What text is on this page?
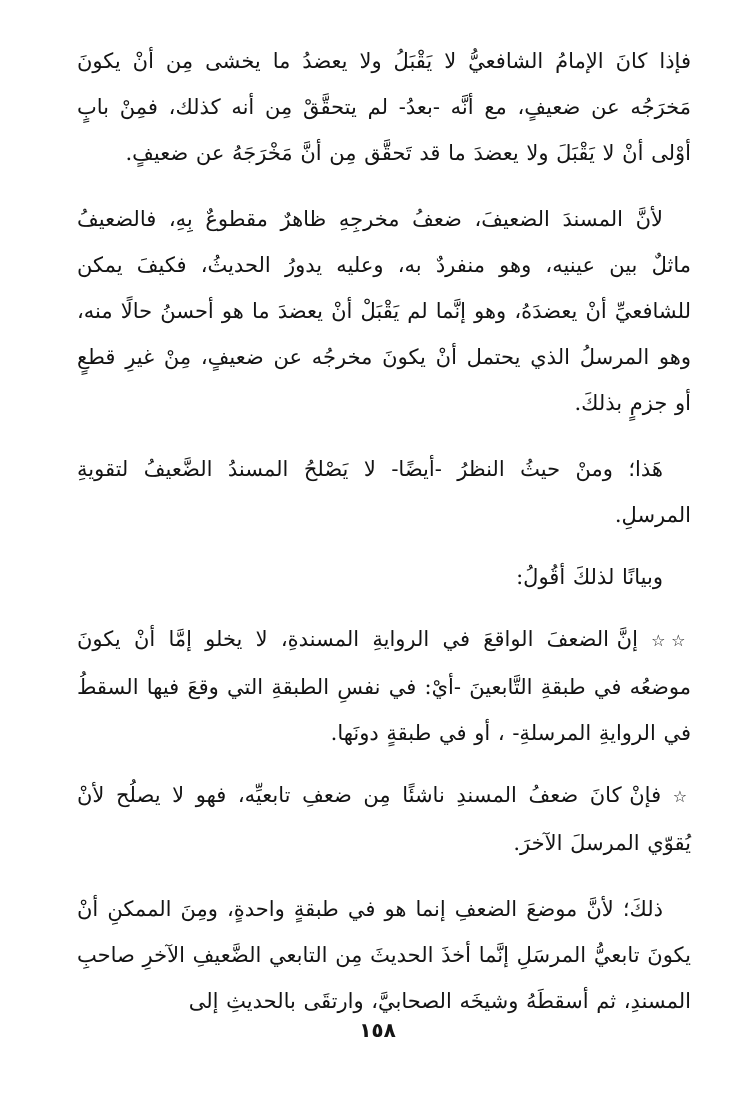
فإذا كانَ الإمامُ الشافعيُّ لا يَقْبَلُ ولا يعضدُ ما يخشى مِن أنْ يكونَ مَخرَجُه عن ضعيفٍ، مع أنَّه -بعدُ- لم يتحقَّقْ مِن أنه كذلك، فمِنْ بابٍ أوْلى أنْ لا يَقْبَلَ ولا يعضدَ ما قد تَحقَّق مِن أنَّ مَخْرَجَهُ عن ضعيفٍ.

لأنَّ المسندَ الضعيفَ، ضعفُ مخرجِهِ ظاهرٌ مقطوعٌ بِهِ، فالضعيفُ ماثلٌ بين عينيه، وهو منفردٌ به، وعليه يدورُ الحديثُ، فكيفَ يمكن للشافعيِّ أنْ يعضدَهُ، وهو إنَّما لم يَقْبَلْ أنْ يعضدَ ما هو أحسنُ حالًا منه، وهو المرسلُ الذي يحتمل أنْ يكونَ مخرجُه عن ضعيفٍ، مِنْ غيرِ قطعٍ أو جزمٍ بذلكَ.

هَذا؛ ومنْ حيثُ النظرُ -أيضًا- لا يَصْلحُ المسندُ الضَّعيفُ لتقويةِ المرسلِ.

وبيانًا لذلكَ أقُولُ:

☆☆ إنَّ الضعفَ الواقعَ في الروايةِ المسندةِ، لا يخلو إمَّا أنْ يكونَ موضعُه في طبقةِ التَّابعينَ -أيْ: في نفسِ الطبقةِ التي وقعَ فيها السقطُ في الروايةِ المرسلةِ- ، أو في طبقةٍ دونَها.

☆ فإنْ كانَ ضعفُ المسندِ ناشئًا مِن ضعفِ تابعيِّه، فهو لا يصلُح لأنْ يُقوّي المرسلَ الآخرَ.

ذلكَ؛ لأنَّ موضعَ الضعفِ إنما هو في طبقةٍ واحدةٍ، ومِنَ الممكنِ أنْ يكونَ تابعيُّ المرسَلِ إنَّما أخذَ الحديثَ مِن التابعي الضَّعيفِ الآخرِ صاحبِ المسندِ، ثم أسقطَهُ وشيخَه الصحابيَّ، وارتقَى بالحديثِ إلى

١٥٨
